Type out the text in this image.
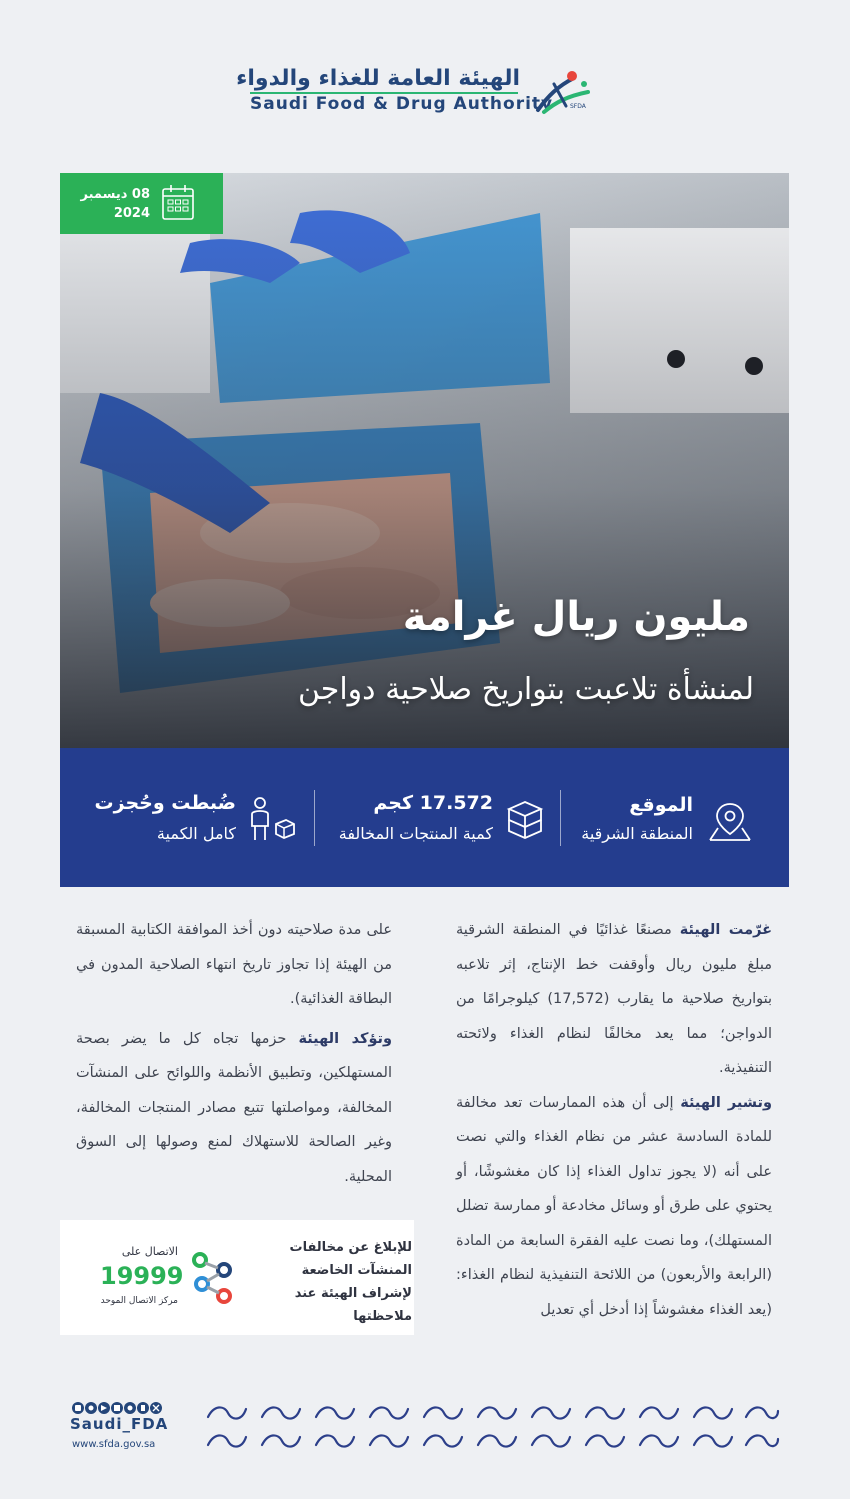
الهيئة العامة للغذاء والدواء
Saudi Food & Drug Authority	SFDA
08 ديسمبر
2024
مليون ريال غرامة
لمنشأة تلاعبت بتواريخ صلاحية دواجن
الموقع
المنطقة الشرقية
17.572 كجم
كمية المنتجات المخالفة
ضُبطت وحُجزت
كامل الكمية

غرّمت الهيئة مصنعًا غذائيًا في المنطقة الشرقية مبلغ مليون ريال وأوقفت خط الإنتاج، إثر تلاعبه بتواريخ صلاحية ما يقارب (17,572) كيلوجرامًا من الدواجن؛ مما يعد مخالفًا لنظام الغذاء ولائحته التنفيذية.

وتشير الهيئة إلى أن هذه الممارسات تعد مخالفة للمادة السادسة عشر من نظام الغذاء والتي نصت على أنه (لا يجوز تداول الغذاء إذا كان مغشوشًا، أو يحتوي على طرق أو وسائل مخادعة أو ممارسة تضلل المستهلك)، وما نصت عليه الفقرة السابعة من المادة (الرابعة والأربعون) من اللائحة التنفيذية لنظام الغذاء: (يعد الغذاء مغشوشاً إذا أدخل أي تعديل

على مدة صلاحيته دون أخذ الموافقة الكتابية المسبقة من الهيئة إذا تجاوز تاريخ انتهاء الصلاحية المدون في البطاقة الغذائية).

وتؤكد الهيئة حزمها تجاه كل ما يضر بصحة المستهلكين، وتطبيق الأنظمة واللوائح على المنشآت المخالفة، ومواصلتها تتبع مصادر المنتجات المخالفة، وغير الصالحة للاستهلاك لمنع وصولها إلى السوق المحلية.

للإبلاغ عن مخالفات المنشآت الخاضعة لإشراف الهيئة عند ملاحظتها
الاتصال على
19999
مركز الاتصال الموحد
Saudi_FDA
www.sfda.gov.sa
